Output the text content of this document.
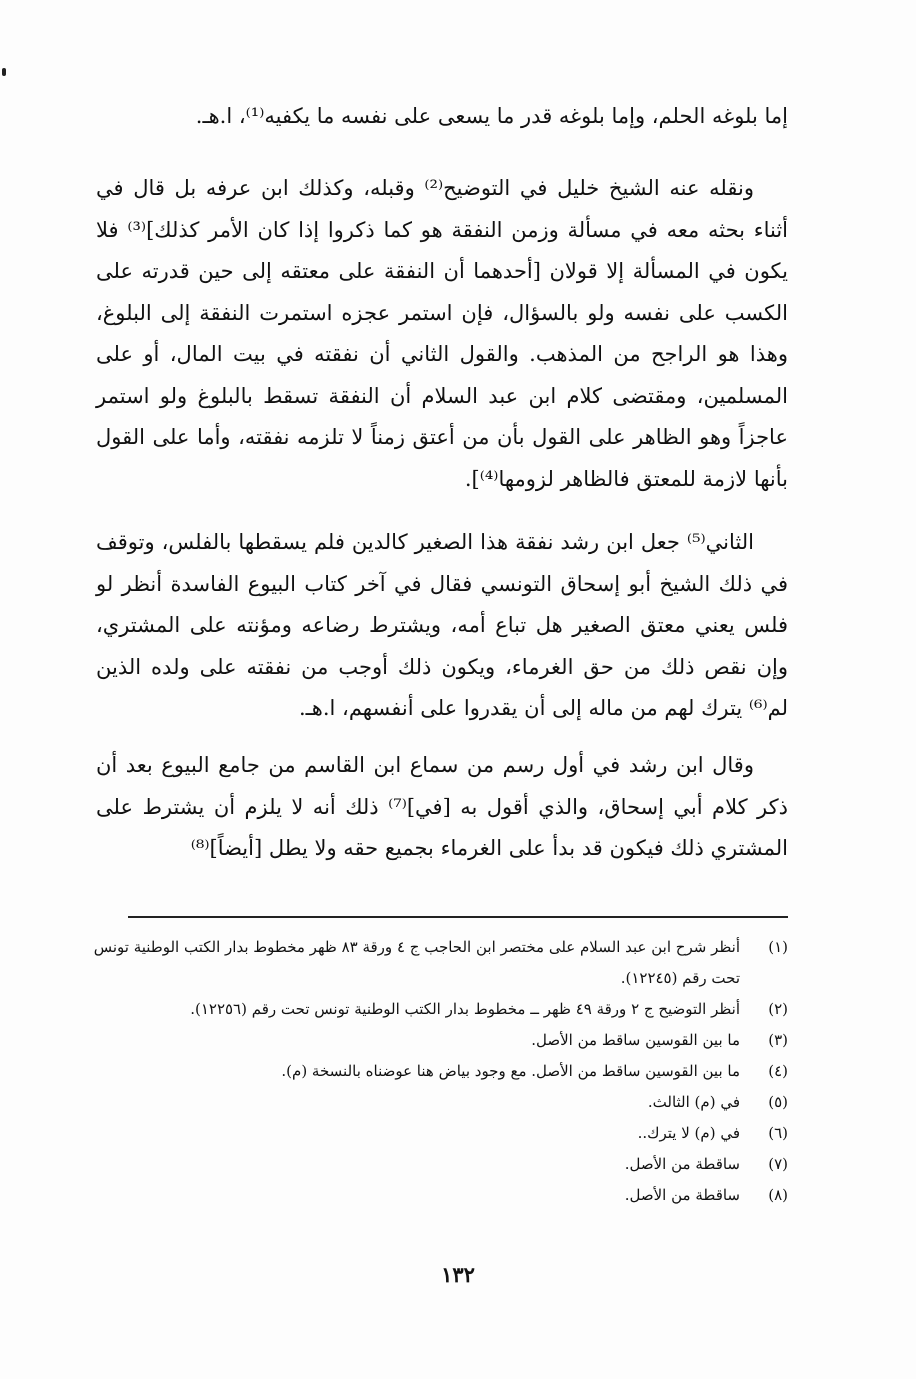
إما بلوغه الحلم، وإما بلوغه قدر ما يسعى على نفسه ما يكفيه⁽¹⁾، ا.هـ.

ونقله عنه الشيخ خليل في التوضيح⁽²⁾ وقبله، وكذلك ابن عرفه بل قال في أثناء بحثه معه في مسألة وزمن النفقة هو كما ذكروا إذا كان الأمر كذلك]⁽³⁾ فلا يكون في المسألة إلا قولان [أحدهما أن النفقة على معتقه إلى حين قدرته على الكسب على نفسه ولو بالسؤال، فإن استمر عجزه استمرت النفقة إلى البلوغ، وهذا هو الراجح من المذهب. والقول الثاني أن نفقته في بيت المال، أو على المسلمين، ومقتضى كلام ابن عبد السلام أن النفقة تسقط بالبلوغ ولو استمر عاجزاً وهو الظاهر على القول بأن من أعتق زمناً لا تلزمه نفقته، وأما على القول بأنها لازمة للمعتق فالظاهر لزومها⁽⁴⁾].

الثاني⁽⁵⁾ جعل ابن رشد نفقة هذا الصغير كالدين فلم يسقطها بالفلس، وتوقف في ذلك الشيخ أبو إسحاق التونسي فقال في آخر كتاب البيوع الفاسدة أنظر لو فلس يعني معتق الصغير هل تباع أمه، ويشترط رضاعه ومؤنته على المشتري، وإن نقص ذلك من حق الغرماء، ويكون ذلك أوجب من نفقته على ولده الذين لم⁽⁶⁾ يترك لهم من ماله إلى أن يقدروا على أنفسهم، ا.هـ.

وقال ابن رشد في أول رسم من سماع ابن القاسم من جامع البيوع بعد أن ذكر كلام أبي إسحاق، والذي أقول به [في]⁽⁷⁾ ذلك أنه لا يلزم أن يشترط على المشتري ذلك فيكون قد بدأ على الغرماء بجميع حقه ولا يطل [أيضاً]⁽⁸⁾

(١)
أنظر شرح ابن عبد السلام على مختصر ابن الحاجب ج ٤ ورقة ٨٣ ظهر مخطوط بدار الكتب الوطنية تونس تحت رقم (١٢٢٤٥).
(٢)
أنظر التوضيح ج ٢ ورقة ٤٩ ظهر ــ مخطوط بدار الكتب الوطنية تونس تحت رقم (١٢٢٥٦).
(٣)
ما بين القوسين ساقط من الأصل.
(٤)
ما بين القوسين ساقط من الأصل. مع وجود بياض هنا عوضناه بالنسخة (م).
(٥)
في (م) الثالث.
(٦)
في (م) لا يترك..
(٧)
ساقطة من الأصل.
(٨)
ساقطة من الأصل.
١٣٢
